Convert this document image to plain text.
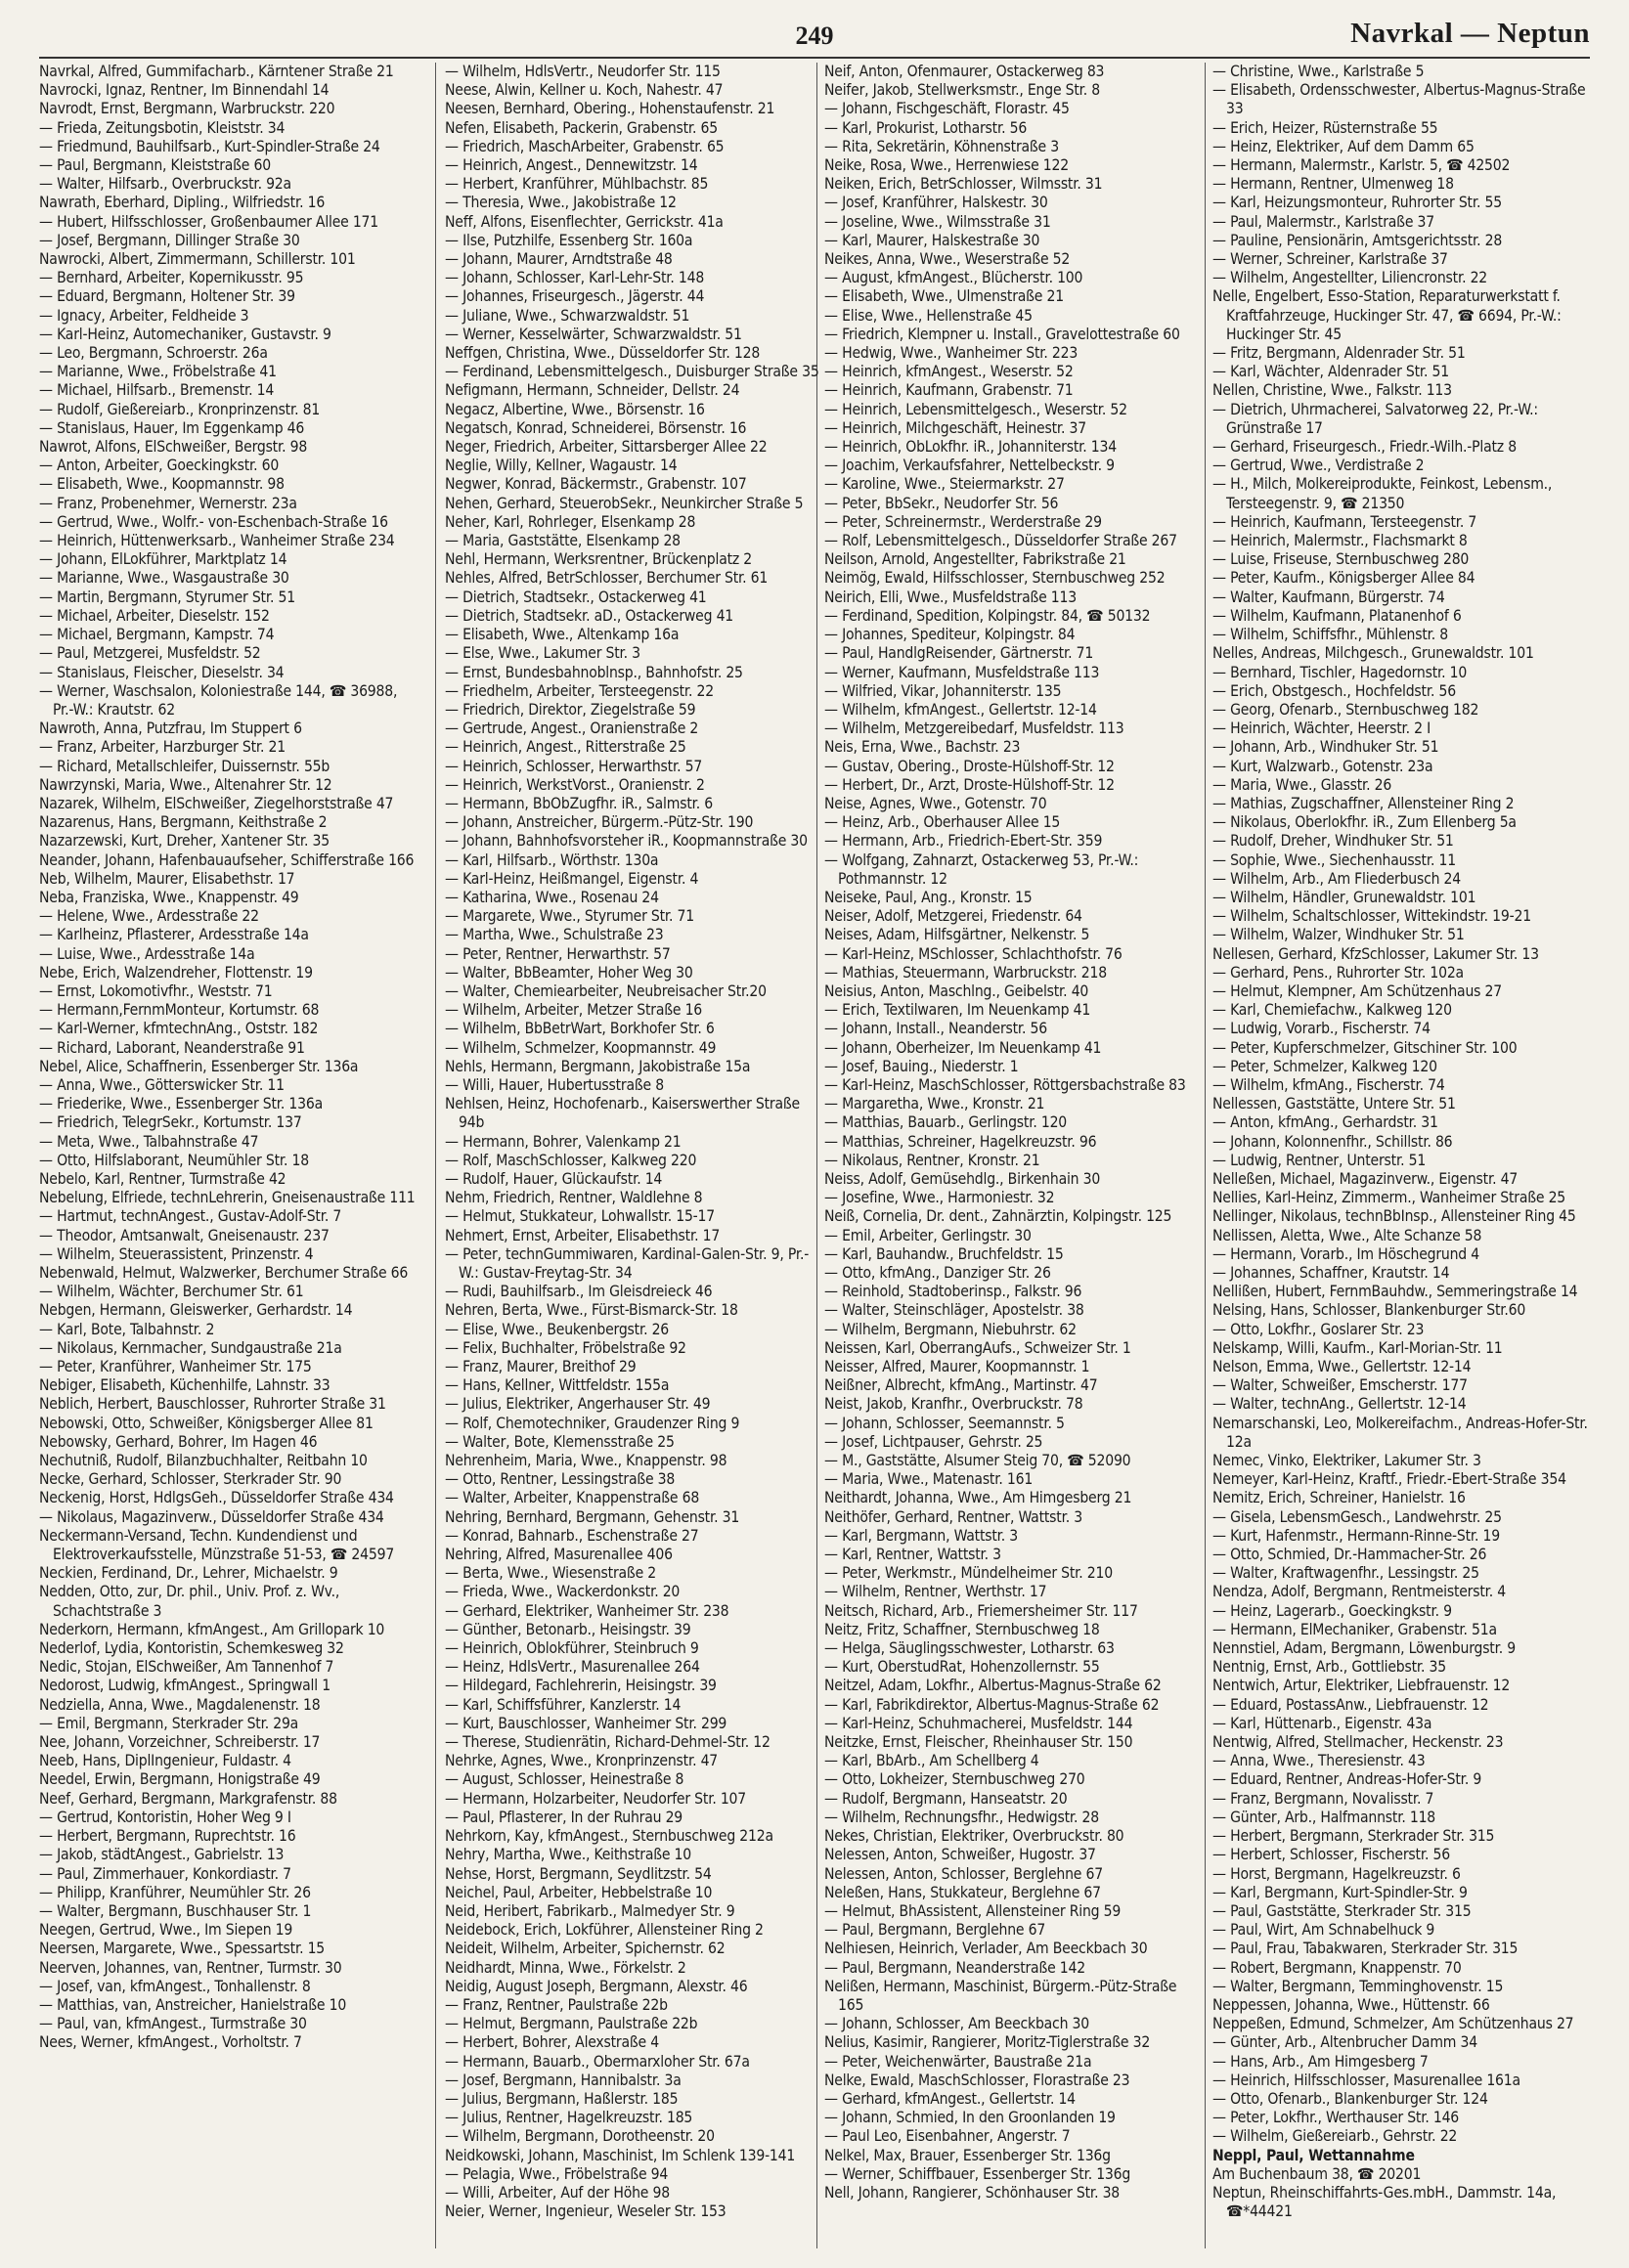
249	Navrkal — Neptun

Navrkal, Alfred, Gummifacharb., Kärntener Straße 21

Navrocki, Ignaz, Rentner, Im Binnendahl 14

Navrodt, Ernst, Bergmann, Warbruckstr. 220

— Frieda, Zeitungsbotin, Kleiststr. 34

— Friedmund, Bauhilfsarb., Kurt-Spindler-Straße 24

— Paul, Bergmann, Kleiststraße 60

— Walter, Hilfsarb., Overbruckstr. 92a

Nawrath, Eberhard, Dipling., Wilfriedstr. 16

— Hubert, Hilfsschlosser, Großenbaumer Allee 171

— Josef, Bergmann, Dillinger Straße 30

Nawrocki, Albert, Zimmermann, Schillerstr. 101

— Bernhard, Arbeiter, Kopernikusstr. 95

— Eduard, Bergmann, Holtener Str. 39

— Ignacy, Arbeiter, Feldheide 3

— Karl-Heinz, Automechaniker, Gustavstr. 9

— Leo, Bergmann, Schroerstr. 26a

— Marianne, Wwe., Fröbelstraße 41

— Michael, Hilfsarb., Bremenstr. 14

— Rudolf, Gießereiarb., Kronprinzenstr. 81

— Stanislaus, Hauer, Im Eggenkamp 46

Nawrot, Alfons, ElSchweißer, Bergstr. 98

— Anton, Arbeiter, Goeckingkstr. 60

— Elisabeth, Wwe., Koopmannstr. 98

— Franz, Probenehmer, Wernerstr. 23a

— Gertrud, Wwe., Wolfr.- von-Eschenbach-Straße 16

— Heinrich, Hüttenwerksarb., Wanheimer Straße 234

— Johann, ElLokführer, Marktplatz 14

— Marianne, Wwe., Wasgaustraße 30

— Martin, Bergmann, Styrumer Str. 51

— Michael, Arbeiter, Dieselstr. 152

— Michael, Bergmann, Kampstr. 74

— Paul, Metzgerei, Musfeldstr. 52

— Stanislaus, Fleischer, Dieselstr. 34

— Werner, Waschsalon, Koloniestraße 144, ☎ 36988, Pr.-W.: Krautstr. 62

Nawroth, Anna, Putzfrau, Im Stuppert 6

— Franz, Arbeiter, Harzburger Str. 21

— Richard, Metallschleifer, Duissernstr. 55b

Nawrzynski, Maria, Wwe., Altenahrer Str. 12

Nazarek, Wilhelm, ElSchweißer, Ziegelhorststraße 47

Nazarenus, Hans, Bergmann, Keithstraße 2

Nazarzewski, Kurt, Dreher, Xantener Str. 35

Neander, Johann, Hafenbauaufseher, Schifferstraße 166

Neb, Wilhelm, Maurer, Elisabethstr. 17

Neba, Franziska, Wwe., Knappenstr. 49

— Helene, Wwe., Ardesstraße 22

— Karlheinz, Pflasterer, Ardesstraße 14a

— Luise, Wwe., Ardesstraße 14a

Nebe, Erich, Walzendreher, Flottenstr. 19

— Ernst, Lokomotivfhr., Weststr. 71

— Hermann,FernmMonteur, Kortumstr. 68

— Karl-Werner, kfmtechnAng., Oststr. 182

— Richard, Laborant, Neanderstraße 91

Nebel, Alice, Schaffnerin, Essenberger Str. 136a

— Anna, Wwe., Götterswicker Str. 11

— Friederike, Wwe., Essenberger Str. 136a

— Friedrich, TelegrSekr., Kortumstr. 137

— Meta, Wwe., Talbahnstraße 47

— Otto, Hilfslaborant, Neumühler Str. 18

Nebelo, Karl, Rentner, Turmstraße 42

Nebelung, Elfriede, technLehrerin, Gneisenaustraße 111

— Hartmut, technAngest., Gustav-Adolf-Str. 7

— Theodor, Amtsanwalt, Gneisenaustr. 237

— Wilhelm, Steuerassistent, Prinzenstr. 4

Nebenwald, Helmut, Walzwerker, Berchumer Straße 66

— Wilhelm, Wächter, Berchumer Str. 61

Nebgen, Hermann, Gleiswerker, Gerhardstr. 14

— Karl, Bote, Talbahnstr. 2

— Nikolaus, Kernmacher, Sundgaustraße 21a

— Peter, Kranführer, Wanheimer Str. 175

Nebiger, Elisabeth, Küchenhilfe, Lahnstr. 33

Neblich, Herbert, Bauschlosser, Ruhrorter Straße 31

Nebowski, Otto, Schweißer, Königsberger Allee 81

Nebowsky, Gerhard, Bohrer, Im Hagen 46

Nechutniß, Rudolf, Bilanzbuchhalter, Reitbahn 10

Necke, Gerhard, Schlosser, Sterkrader Str. 90

Neckenig, Horst, HdlgsGeh., Düsseldorfer Straße 434

— Nikolaus, Magazinverw., Düsseldorfer Straße 434

Neckermann-Versand, Techn. Kundendienst und Elektroverkaufsstelle, Münzstraße 51-53, ☎ 24597

Neckien, Ferdinand, Dr., Lehrer, Michaelstr. 9

Nedden, Otto, zur, Dr. phil., Univ. Prof. z. Wv., Schachtstraße 3

Nederkorn, Hermann, kfmAngest., Am Grillopark 10

Nederlof, Lydia, Kontoristin, Schemkesweg 32

Nedic, Stojan, ElSchweißer, Am Tannenhof 7

Nedorost, Ludwig, kfmAngest., Springwall 1

Nedziella, Anna, Wwe., Magdalenenstr. 18

— Emil, Bergmann, Sterkrader Str. 29a

Nee, Johann, Vorzeichner, Schreiberstr. 17

Neeb, Hans, DiplIngenieur, Fuldastr. 4

Needel, Erwin, Bergmann, Honigstraße 49

Neef, Gerhard, Bergmann, Markgrafenstr. 88

— Gertrud, Kontoristin, Hoher Weg 9 I

— Herbert, Bergmann, Ruprechtstr. 16

— Jakob, städtAngest., Gabrielstr. 13

— Paul, Zimmerhauer, Konkordiastr. 7

— Philipp, Kranführer, Neumühler Str. 26

— Walter, Bergmann, Buschhauser Str. 1

Neegen, Gertrud, Wwe., Im Siepen 19

Neersen, Margarete, Wwe., Spessartstr. 15

Neerven, Johannes, van, Rentner, Turmstr. 30

— Josef, van, kfmAngest., Tonhallenstr. 8

— Matthias, van, Anstreicher, Hanielstraße 10

— Paul, van, kfmAngest., Turmstraße 30

Nees, Werner, kfmAngest., Vorholtstr. 7

— Wilhelm, HdlsVertr., Neudorfer Str. 115

Neese, Alwin, Kellner u. Koch, Nahestr. 47

Neesen, Bernhard, Obering., Hohenstaufenstr. 21

Nefen, Elisabeth, Packerin, Grabenstr. 65

— Friedrich, MaschArbeiter, Grabenstr. 65

— Heinrich, Angest., Dennewitzstr. 14

— Herbert, Kranführer, Mühlbachstr. 85

— Theresia, Wwe., Jakobistraße 12

Neff, Alfons, Eisenflechter, Gerrickstr. 41a

— Ilse, Putzhilfe, Essenberg Str. 160a

— Johann, Maurer, Arndtstraße 48

— Johann, Schlosser, Karl-Lehr-Str. 148

— Johannes, Friseurgesch., Jägerstr. 44

— Juliane, Wwe., Schwarzwaldstr. 51

— Werner, Kesselwärter, Schwarzwaldstr. 51

Neffgen, Christina, Wwe., Düsseldorfer Str. 128

— Ferdinand, Lebensmittelgesch., Duisburger Straße 35

Nefigmann, Hermann, Schneider, Dellstr. 24

Negacz, Albertine, Wwe., Börsenstr. 16

Negatsch, Konrad, Schneiderei, Börsenstr. 16

Neger, Friedrich, Arbeiter, Sittarsberger Allee 22

Neglie, Willy, Kellner, Wagaustr. 14

Negwer, Konrad, Bäckermstr., Grabenstr. 107

Nehen, Gerhard, SteuerobSekr., Neunkircher Straße 5

Neher, Karl, Rohrleger, Elsenkamp 28

— Maria, Gaststätte, Elsenkamp 28

Nehl, Hermann, Werksrentner, Brückenplatz 2

Nehles, Alfred, BetrSchlosser, Berchumer Str. 61

— Dietrich, Stadtsekr., Ostackerweg 41

— Dietrich, Stadtsekr. aD., Ostackerweg 41

— Elisabeth, Wwe., Altenkamp 16a

— Else, Wwe., Lakumer Str. 3

— Ernst, Bundesbahnoblnsp., Bahnhofstr. 25

— Friedhelm, Arbeiter, Tersteegenstr. 22

— Friedrich, Direktor, Ziegelstraße 59

— Gertrude, Angest., Oranienstraße 2

— Heinrich, Angest., Ritterstraße 25

— Heinrich, Schlosser, Herwarthstr. 57

— Heinrich, WerkstVorst., Oranienstr. 2

— Hermann, BbObZugfhr. iR., Salmstr. 6

— Johann, Anstreicher, Bürgerm.-Pütz-Str. 190

— Johann, Bahnhofsvorsteher iR., Koopmannstraße 30

— Karl, Hilfsarb., Wörthstr. 130a

— Karl-Heinz, Heißmangel, Eigenstr. 4

— Katharina, Wwe., Rosenau 24

— Margarete, Wwe., Styrumer Str. 71

— Martha, Wwe., Schulstraße 23

— Peter, Rentner, Herwarthstr. 57

— Walter, BbBeamter, Hoher Weg 30

— Walter, Chemiearbeiter, Neubreisacher Str.20

— Wilhelm, Arbeiter, Metzer Straße 16

— Wilhelm, BbBetrWart, Borkhofer Str. 6

— Wilhelm, Schmelzer, Koopmannstr. 49

Nehls, Hermann, Bergmann, Jakobistraße 15a

— Willi, Hauer, Hubertusstraße 8

Nehlsen, Heinz, Hochofenarb., Kaiserswerther Straße 94b

— Hermann, Bohrer, Valenkamp 21

— Rolf, MaschSchlosser, Kalkweg 220

— Rudolf, Hauer, Glückaufstr. 14

Nehm, Friedrich, Rentner, Waldlehne 8

— Helmut, Stukkateur, Lohwallstr. 15-17

Nehmert, Ernst, Arbeiter, Elisabethstr. 17

— Peter, technGummiwaren, Kardinal-Galen-Str. 9, Pr.-W.: Gustav-Freytag-Str. 34

— Rudi, Bauhilfsarb., Im Gleisdreieck 46

Nehren, Berta, Wwe., Fürst-Bismarck-Str. 18

— Elise, Wwe., Beukenbergstr. 26

— Felix, Buchhalter, Fröbelstraße 92

— Franz, Maurer, Breithof 29

— Hans, Kellner, Wittfeldstr. 155a

— Julius, Elektriker, Angerhauser Str. 49

— Rolf, Chemotechniker, Graudenzer Ring 9

— Walter, Bote, Klemensstraße 25

Nehrenheim, Maria, Wwe., Knappenstr. 98

— Otto, Rentner, Lessingstraße 38

— Walter, Arbeiter, Knappenstraße 68

Nehring, Bernhard, Bergmann, Gehenstr. 31

— Konrad, Bahnarb., Eschenstraße 27

Nehring, Alfred, Masurenallee 406

— Berta, Wwe., Wiesenstraße 2

— Frieda, Wwe., Wackerdonkstr. 20

— Gerhard, Elektriker, Wanheimer Str. 238

— Günther, Betonarb., Heisingstr. 39

— Heinrich, Oblokführer, Steinbruch 9

— Heinz, HdlsVertr., Masurenallee 264

— Hildegard, Fachlehrerin, Heisingstr. 39

— Karl, Schiffsführer, Kanzlerstr. 14

— Kurt, Bauschlosser, Wanheimer Str. 299

— Therese, Studienrätin, Richard-Dehmel-Str. 12

Nehrke, Agnes, Wwe., Kronprinzenstr. 47

— August, Schlosser, Heinestraße 8

— Hermann, Holzarbeiter, Neudorfer Str. 107

— Paul, Pflasterer, In der Ruhrau 29

Nehrkorn, Kay, kfmAngest., Sternbuschweg 212a

Nehry, Martha, Wwe., Keithstraße 10

Nehse, Horst, Bergmann, Seydlitzstr. 54

Neichel, Paul, Arbeiter, Hebbelstraße 10

Neid, Heribert, Fabrikarb., Malmedyer Str. 9

Neidebock, Erich, Lokführer, Allensteiner Ring 2

Neideit, Wilhelm, Arbeiter, Spichernstr. 62

Neidhardt, Minna, Wwe., Förkelstr. 2

Neidig, August Joseph, Bergmann, Alexstr. 46

— Franz, Rentner, Paulstraße 22b

— Helmut, Bergmann, Paulstraße 22b

— Herbert, Bohrer, Alexstraße 4

— Hermann, Bauarb., Obermarxloher Str. 67a

— Josef, Bergmann, Hannibalstr. 3a

— Julius, Bergmann, Haßlerstr. 185

— Julius, Rentner, Hagelkreuzstr. 185

— Wilhelm, Bergmann, Dorotheenstr. 20

Neidkowski, Johann, Maschinist, Im Schlenk 139-141

— Pelagia, Wwe., Fröbelstraße 94

— Willi, Arbeiter, Auf der Höhe 98

Neier, Werner, Ingenieur, Weseler Str. 153

Neif, Anton, Ofenmaurer, Ostackerweg 83

Neifer, Jakob, Stellwerksmstr., Enge Str. 8

— Johann, Fischgeschäft, Florastr. 45

— Karl, Prokurist, Lotharstr. 56

— Rita, Sekretärin, Köhnenstraße 3

Neike, Rosa, Wwe., Herrenwiese 122

Neiken, Erich, BetrSchlosser, Wilmsstr. 31

— Josef, Kranführer, Halskestr. 30

— Joseline, Wwe., Wilmsstraße 31

— Karl, Maurer, Halskestraße 30

Neikes, Anna, Wwe., Weserstraße 52

— August, kfmAngest., Blücherstr. 100

— Elisabeth, Wwe., Ulmenstraße 21

— Elise, Wwe., Hellenstraße 45

— Friedrich, Klempner u. Install., Gravelottestraße 60

— Hedwig, Wwe., Wanheimer Str. 223

— Heinrich, kfmAngest., Weserstr. 52

— Heinrich, Kaufmann, Grabenstr. 71

— Heinrich, Lebensmittelgesch., Weserstr. 52

— Heinrich, Milchgeschäft, Heinestr. 37

— Heinrich, ObLokfhr. iR., Johanniterstr. 134

— Joachim, Verkaufsfahrer, Nettelbeckstr. 9

— Karoline, Wwe., Steiermarkstr. 27

— Peter, BbSekr., Neudorfer Str. 56

— Peter, Schreinermstr., Werderstraße 29

— Rolf, Lebensmittelgesch., Düsseldorfer Straße 267

Neilson, Arnold, Angestellter, Fabrikstraße 21

Neimög, Ewald, Hilfsschlosser, Sternbuschweg 252

Neirich, Elli, Wwe., Musfeldstraße 113

— Ferdinand, Spedition, Kolpingstr. 84, ☎ 50132

— Johannes, Spediteur, Kolpingstr. 84

— Paul, HandlgReisender, Gärtnerstr. 71

— Werner, Kaufmann, Musfeldstraße 113

— Wilfried, Vikar, Johanniterstr. 135

— Wilhelm, kfmAngest., Gellertstr. 12-14

— Wilhelm, Metzgereibedarf, Musfeldstr. 113

Neis, Erna, Wwe., Bachstr. 23

— Gustav, Obering., Droste-Hülshoff-Str. 12

— Herbert, Dr., Arzt, Droste-Hülshoff-Str. 12

Neise, Agnes, Wwe., Gotenstr. 70

— Heinz, Arb., Oberhauser Allee 15

— Hermann, Arb., Friedrich-Ebert-Str. 359

— Wolfgang, Zahnarzt, Ostackerweg 53, Pr.-W.: Pothmannstr. 12

Neiseke, Paul, Ang., Kronstr. 15

Neiser, Adolf, Metzgerei, Friedenstr. 64

Neises, Adam, Hilfsgärtner, Nelkenstr. 5

— Karl-Heinz, MSchlosser, Schlachthofstr. 76

— Mathias, Steuermann, Warbruckstr. 218

Neisius, Anton, Maschlng., Geibelstr. 40

— Erich, Textilwaren, Im Neuenkamp 41

— Johann, Install., Neanderstr. 56

— Johann, Oberheizer, Im Neuenkamp 41

— Josef, Bauing., Niederstr. 1

— Karl-Heinz, MaschSchlosser, Röttgersbachstraße 83

— Margaretha, Wwe., Kronstr. 21

— Matthias, Bauarb., Gerlingstr. 120

— Matthias, Schreiner, Hagelkreuzstr. 96

— Nikolaus, Rentner, Kronstr. 21

Neiss, Adolf, Gemüsehdlg., Birkenhain 30

— Josefine, Wwe., Harmoniestr. 32

Neiß, Cornelia, Dr. dent., Zahnärztin, Kolpingstr. 125

— Emil, Arbeiter, Gerlingstr. 30

— Karl, Bauhandw., Bruchfeldstr. 15

— Otto, kfmAng., Danziger Str. 26

— Reinhold, Stadtoberinsp., Falkstr. 96

— Walter, Steinschläger, Apostelstr. 38

— Wilhelm, Bergmann, Niebuhrstr. 62

Neissen, Karl, OberrangAufs., Schweizer Str. 1

Neisser, Alfred, Maurer, Koopmannstr. 1

Neißner, Albrecht, kfmAng., Martinstr. 47

Neist, Jakob, Kranfhr., Overbruckstr. 78

— Johann, Schlosser, Seemannstr. 5

— Josef, Lichtpauser, Gehrstr. 25

— M., Gaststätte, Alsumer Steig 70, ☎ 52090

— Maria, Wwe., Matenastr. 161

Neithardt, Johanna, Wwe., Am Himgesberg 21

Neithöfer, Gerhard, Rentner, Wattstr. 3

— Karl, Bergmann, Wattstr. 3

— Karl, Rentner, Wattstr. 3

— Peter, Werkmstr., Mündelheimer Str. 210

— Wilhelm, Rentner, Werthstr. 17

Neitsch, Richard, Arb., Friemersheimer Str. 117

Neitz, Fritz, Schaffner, Sternbuschweg 18

— Helga, Säuglingsschwester, Lotharstr. 63

— Kurt, OberstudRat, Hohenzollernstr. 55

Neitzel, Adam, Lokfhr., Albertus-Magnus-Straße 62

— Karl, Fabrikdirektor, Albertus-Magnus-Straße 62

— Karl-Heinz, Schuhmacherei, Musfeldstr. 144

Neitzke, Ernst, Fleischer, Rheinhauser Str. 150

— Karl, BbArb., Am Schellberg 4

— Otto, Lokheizer, Sternbuschweg 270

— Rudolf, Bergmann, Hanseatstr. 20

— Wilhelm, Rechnungsfhr., Hedwigstr. 28

Nekes, Christian, Elektriker, Overbruckstr. 80

Nelessen, Anton, Schweißer, Hugostr. 37

Nelessen, Anton, Schlosser, Berglehne 67

Neleßen, Hans, Stukkateur, Berglehne 67

— Helmut, BhAssistent, Allensteiner Ring 59

— Paul, Bergmann, Berglehne 67

Nelhiesen, Heinrich, Verlader, Am Beeckbach 30

— Paul, Bergmann, Neanderstraße 142

Nelißen, Hermann, Maschinist, Bürgerm.-Pütz-Straße 165

— Johann, Schlosser, Am Beeckbach 30

Nelius, Kasimir, Rangierer, Moritz-Tiglerstraße 32

— Peter, Weichenwärter, Baustraße 21a

Nelke, Ewald, MaschSchlosser, Florastraße 23

— Gerhard, kfmAngest., Gellertstr. 14

— Johann, Schmied, In den Groonlanden 19

— Paul Leo, Eisenbahner, Angerstr. 7

Nelkel, Max, Brauer, Essenberger Str. 136g

— Werner, Schiffbauer, Essenberger Str. 136g

Nell, Johann, Rangierer, Schönhauser Str. 38

— Christine, Wwe., Karlstraße 5

— Elisabeth, Ordensschwester, Albertus-Magnus-Straße 33

— Erich, Heizer, Rüsternstraße 55

— Heinz, Elektriker, Auf dem Damm 65

— Hermann, Malermstr., Karlstr. 5, ☎ 42502

— Hermann, Rentner, Ulmenweg 18

— Karl, Heizungsmonteur, Ruhrorter Str. 55

— Paul, Malermstr., Karlstraße 37

— Pauline, Pensionärin, Amtsgerichtsstr. 28

— Werner, Schreiner, Karlstraße 37

— Wilhelm, Angestellter, Liliencronstr. 22

Nelle, Engelbert, Esso-Station, Reparaturwerkstatt f. Kraftfahrzeuge, Huckinger Str. 47, ☎ 6694, Pr.-W.: Huckinger Str. 45

— Fritz, Bergmann, Aldenrader Str. 51

— Karl, Wächter, Aldenrader Str. 51

Nellen, Christine, Wwe., Falkstr. 113

— Dietrich, Uhrmacherei, Salvatorweg 22, Pr.-W.: Grünstraße 17

— Gerhard, Friseurgesch., Friedr.-Wilh.-Platz 8

— Gertrud, Wwe., Verdistraße 2

— H., Milch, Molkereiprodukte, Feinkost, Lebensm., Tersteegenstr. 9, ☎ 21350

— Heinrich, Kaufmann, Tersteegenstr. 7

— Heinrich, Malermstr., Flachsmarkt 8

— Luise, Friseuse, Sternbuschweg 280

— Peter, Kaufm., Königsberger Allee 84

— Walter, Kaufmann, Bürgerstr. 74

— Wilhelm, Kaufmann, Platanenhof 6

— Wilhelm, Schiffsfhr., Mühlenstr. 8

Nelles, Andreas, Milchgesch., Grunewaldstr. 101

— Bernhard, Tischler, Hagedornstr. 10

— Erich, Obstgesch., Hochfeldstr. 56

— Georg, Ofenarb., Sternbuschweg 182

— Heinrich, Wächter, Heerstr. 2 I

— Johann, Arb., Windhuker Str. 51

— Kurt, Walzwarb., Gotenstr. 23a

— Maria, Wwe., Glasstr. 26

— Mathias, Zugschaffner, Allensteiner Ring 2

— Nikolaus, Oberlokfhr. iR., Zum Ellenberg 5a

— Rudolf, Dreher, Windhuker Str. 51

— Sophie, Wwe., Siechenhausstr. 11

— Wilhelm, Arb., Am Fliederbusch 24

— Wilhelm, Händler, Grunewaldstr. 101

— Wilhelm, Schaltschlosser, Wittekindstr. 19-21

— Wilhelm, Walzer, Windhuker Str. 51

Nellesen, Gerhard, KfzSchlosser, Lakumer Str. 13

— Gerhard, Pens., Ruhrorter Str. 102a

— Helmut, Klempner, Am Schützenhaus 27

— Karl, Chemiefachw., Kalkweg 120

— Ludwig, Vorarb., Fischerstr. 74

— Peter, Kupferschmelzer, Gitschiner Str. 100

— Peter, Schmelzer, Kalkweg 120

— Wilhelm, kfmAng., Fischerstr. 74

Nellessen, Gaststätte, Untere Str. 51

— Anton, kfmAng., Gerhardstr. 31

— Johann, Kolonnenfhr., Schillstr. 86

— Ludwig, Rentner, Unterstr. 51

Nelleßen, Michael, Magazinverw., Eigenstr. 47

Nellies, Karl-Heinz, Zimmerm., Wanheimer Straße 25

Nellinger, Nikolaus, technBbInsp., Allensteiner Ring 45

Nellissen, Aletta, Wwe., Alte Schanze 58

— Hermann, Vorarb., Im Höschegrund 4

— Johannes, Schaffner, Krautstr. 14

Nellißen, Hubert, FernmBauhdw., Semmeringstraße 14

Nelsing, Hans, Schlosser, Blankenburger Str.60

— Otto, Lokfhr., Goslarer Str. 23

Nelskamp, Willi, Kaufm., Karl-Morian-Str. 11

Nelson, Emma, Wwe., Gellertstr. 12-14

— Walter, Schweißer, Emscherstr. 177

— Walter, technAng., Gellertstr. 12-14

Nemarschanski, Leo, Molkereifachm., Andreas-Hofer-Str. 12a

Nemec, Vinko, Elektriker, Lakumer Str. 3

Nemeyer, Karl-Heinz, Kraftf., Friedr.-Ebert-Straße 354

Nemitz, Erich, Schreiner, Hanielstr. 16

— Gisela, LebensmGesch., Landwehrstr. 25

— Kurt, Hafenmstr., Hermann-Rinne-Str. 19

— Otto, Schmied, Dr.-Hammacher-Str. 26

— Walter, Kraftwagenfhr., Lessingstr. 25

Nendza, Adolf, Bergmann, Rentmeisterstr. 4

— Heinz, Lagerarb., Goeckingkstr. 9

— Hermann, ElMechaniker, Grabenstr. 51a

Nennstiel, Adam, Bergmann, Löwenburgstr. 9

Nentnig, Ernst, Arb., Gottliebstr. 35

Nentwich, Artur, Elektriker, Liebfrauenstr. 12

— Eduard, PostassAnw., Liebfrauenstr. 12

— Karl, Hüttenarb., Eigenstr. 43a

Nentwig, Alfred, Stellmacher, Heckenstr. 23

— Anna, Wwe., Theresienstr. 43

— Eduard, Rentner, Andreas-Hofer-Str. 9

— Franz, Bergmann, Novalisstr. 7

— Günter, Arb., Halfmannstr. 118

— Herbert, Bergmann, Sterkrader Str. 315

— Herbert, Schlosser, Fischerstr. 56

— Horst, Bergmann, Hagelkreuzstr. 6

— Karl, Bergmann, Kurt-Spindler-Str. 9

— Paul, Gaststätte, Sterkrader Str. 315

— Paul, Wirt, Am Schnabelhuck 9

— Paul, Frau, Tabakwaren, Sterkrader Str. 315

— Robert, Bergmann, Knappenstr. 70

— Walter, Bergmann, Temminghovenstr. 15

Neppessen, Johanna, Wwe., Hüttenstr. 66

Neppeßen, Edmund, Schmelzer, Am Schützenhaus 27

— Günter, Arb., Altenbrucher Damm 34

— Hans, Arb., Am Himgesberg 7

— Heinrich, Hilfsschlosser, Masurenallee 161a

— Otto, Ofenarb., Blankenburger Str. 124

— Peter, Lokfhr., Werthauser Str. 146

— Wilhelm, Gießereiarb., Gehrstr. 22

Neppl, Paul, Wettannahme

Am Buchenbaum 38, ☎ 20201

Neptun, Rheinschiffahrts-Ges.mbH., Dammstr. 14a, ☎*44421
